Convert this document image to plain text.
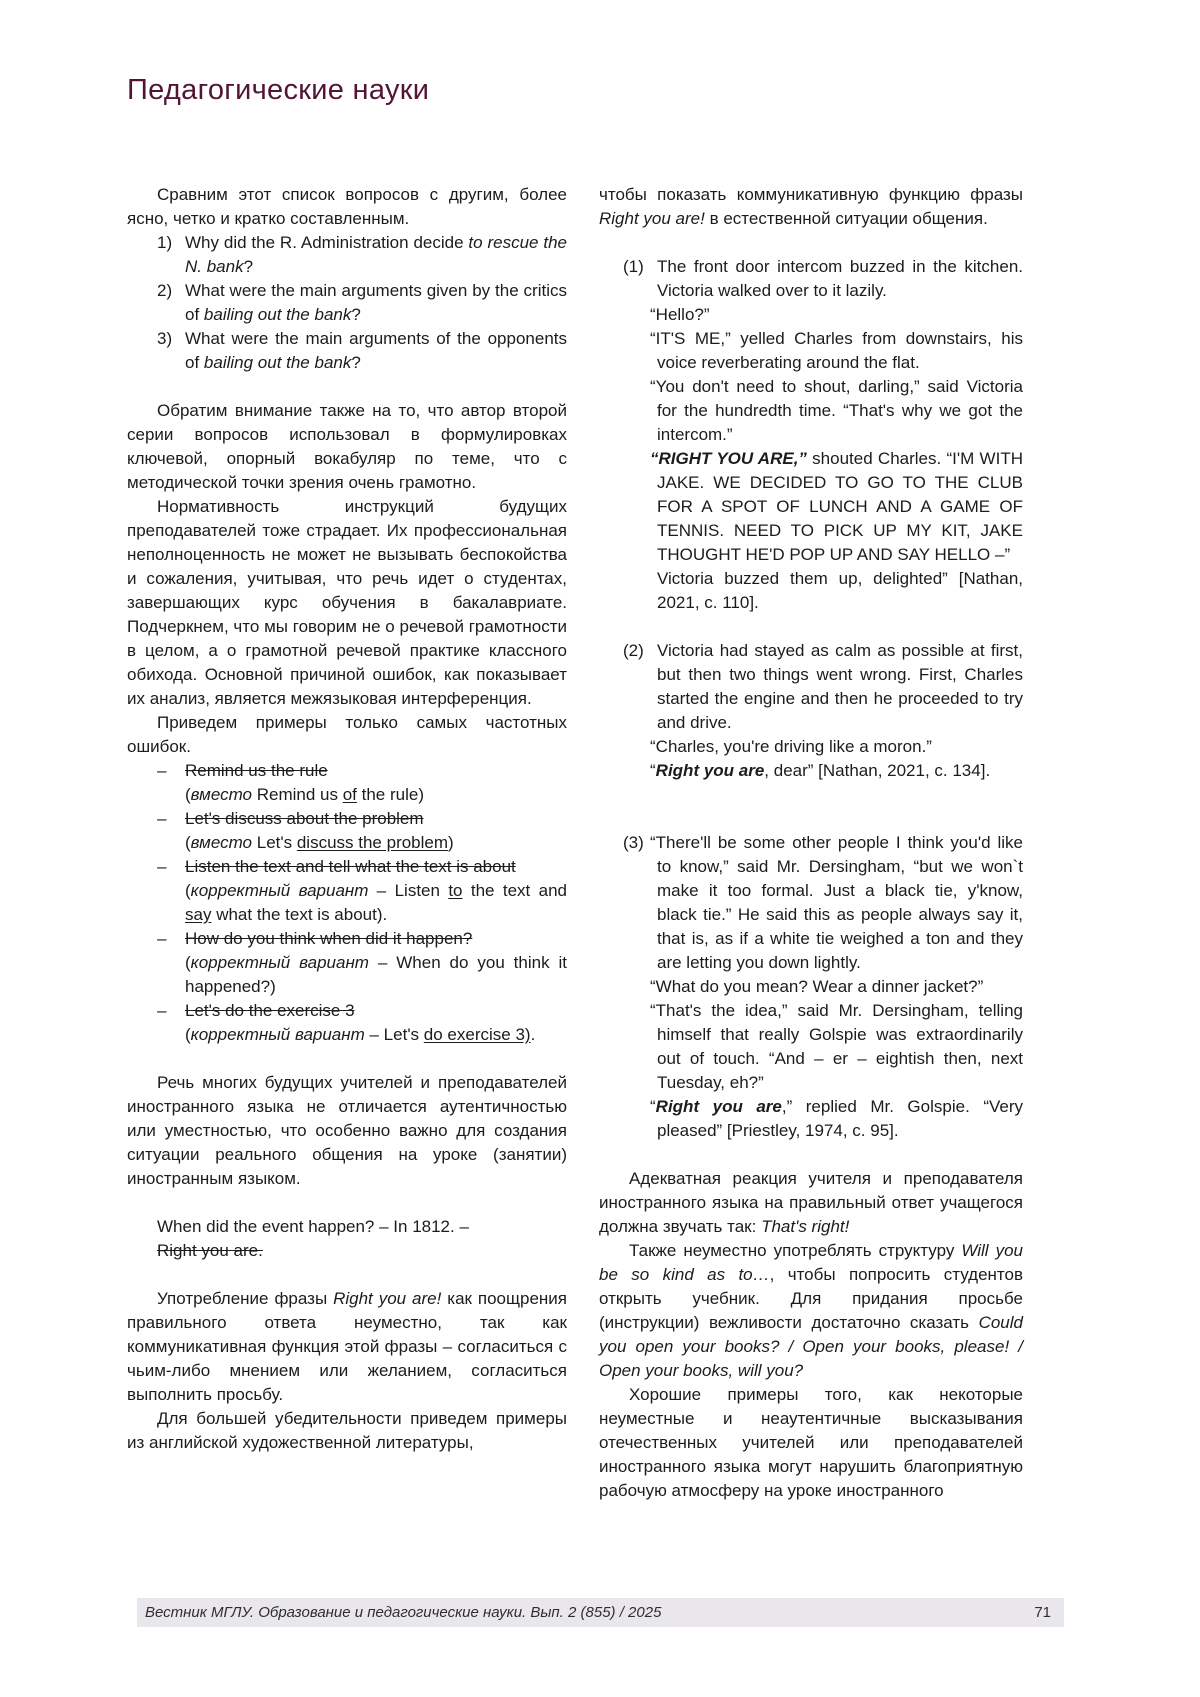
Педагогические науки

Сравним этот список вопросов с другим, более ясно, четко и кратко составленным.

1) Why did the R. Administration decide to rescue the N. bank?
2) What were the main arguments given by the critics of bailing out the bank?
3) What were the main arguments of the opponents of bailing out the bank?

Обратим внимание также на то, что автор второй серии вопросов использовал в формулировках ключевой, опорный вокабуляр по теме, что с методической точки зрения очень грамотно.

Нормативность инструкций будущих преподавателей тоже страдает. Их профессиональная неполноценность не может не вызывать беспокойства и сожаления, учитывая, что речь идет о студентах, завершающих курс обучения в бакалавриате. Подчеркнем, что мы говорим не о речевой грамотности в целом, а о грамотной речевой практике классного обихода. Основной причиной ошибок, как показывает их анализ, является межязыковая интерференция.

Приведем примеры только самых частотных ошибок.

– Remind us the rule
(вместо Remind us of the rule)
– Let's discuss about the problem
(вместо Let's discuss the problem)
– Listen the text and tell what the text is about
(корректный вариант – Listen to the text and say what the text is about).
– How do you think when did it happen?
(корректный вариант – When do you think it happened?)
– Let's do the exercise 3
(корректный вариант – Let's do exercise 3).

Речь многих будущих учителей и преподавателей иностранного языка не отличается аутентичностью или уместностью, что особенно важно для создания ситуации реального общения на уроке (занятии) иностранным языком.

When did the event happen? – In 1812. –
Right you are.

Употребление фразы Right you are! как поощрения правильного ответа неуместно, так как коммуникативная функция этой фразы – согласиться с чьим-либо мнением или желанием, согласиться выполнить просьбу.

Для большей убедительности приведем примеры из английской художественной литературы,

чтобы показать коммуникативную функцию фразы Right you are! в естественной ситуации общения.

(1) The front door intercom buzzed in the kitchen. Victoria walked over to it lazily.
“Hello?”
“IT'S ME,” yelled Charles from downstairs, his voice reverberating around the flat.
“You don't need to shout, darling,” said Victoria for the hundredth time. “That's why we got the intercom.”
“RIGHT YOU ARE,” shouted Charles. “I'M WITH JAKE. WE DECIDED TO GO TO THE CLUB FOR A SPOT OF LUNCH AND A GAME OF TENNIS. NEED TO PICK UP MY KIT, JAKE THOUGHT HE'D POP UP AND SAY HELLO –”
Victoria buzzed them up, delighted” [Nathan, 2021, с. 110].
(2) Victoria had stayed as calm as possible at first, but then two things went wrong. First, Charles started the engine and then he proceeded to try and drive.
“Charles, you're driving like a moron.”
“Right you are, dear” [Nathan, 2021, с. 134].
(3) “There'll be some other people I think you'd like to know,” said Mr. Dersingham, “but we won`t make it too formal. Just a black tie, y'know, black tie.” He said this as people always say it, that is, as if a white tie weighed a ton and they are letting you down lightly.
“What do you mean? Wear a dinner jacket?”
“That's the idea,” said Mr. Dersingham, telling himself that really Golspie was extraordinarily out of touch. “And – er – eightish then, next Tuesday, eh?”
“Right you are,” replied Mr. Golspie. “Very pleased” [Priestley, 1974, с. 95].

Адекватная реакция учителя и преподавателя иностранного языка на правильный ответ учащегося должна звучать так: That's right!

Также неуместно употреблять структуру Will you be so kind as to…, чтобы попросить студентов открыть учебник. Для придания просьбе (инструкции) вежливости достаточно сказать Could you open your books? / Open your books, please! / Open your books, will you?

Хорошие примеры того, как некоторые неуместные и неаутентичные высказывания отечественных учителей или преподавателей иностранного языка могут нарушить благоприятную рабочую атмосферу на уроке иностранного

Вестник МГЛУ. Образование и педагогические науки. Вып. 2 (855) / 2025	71
